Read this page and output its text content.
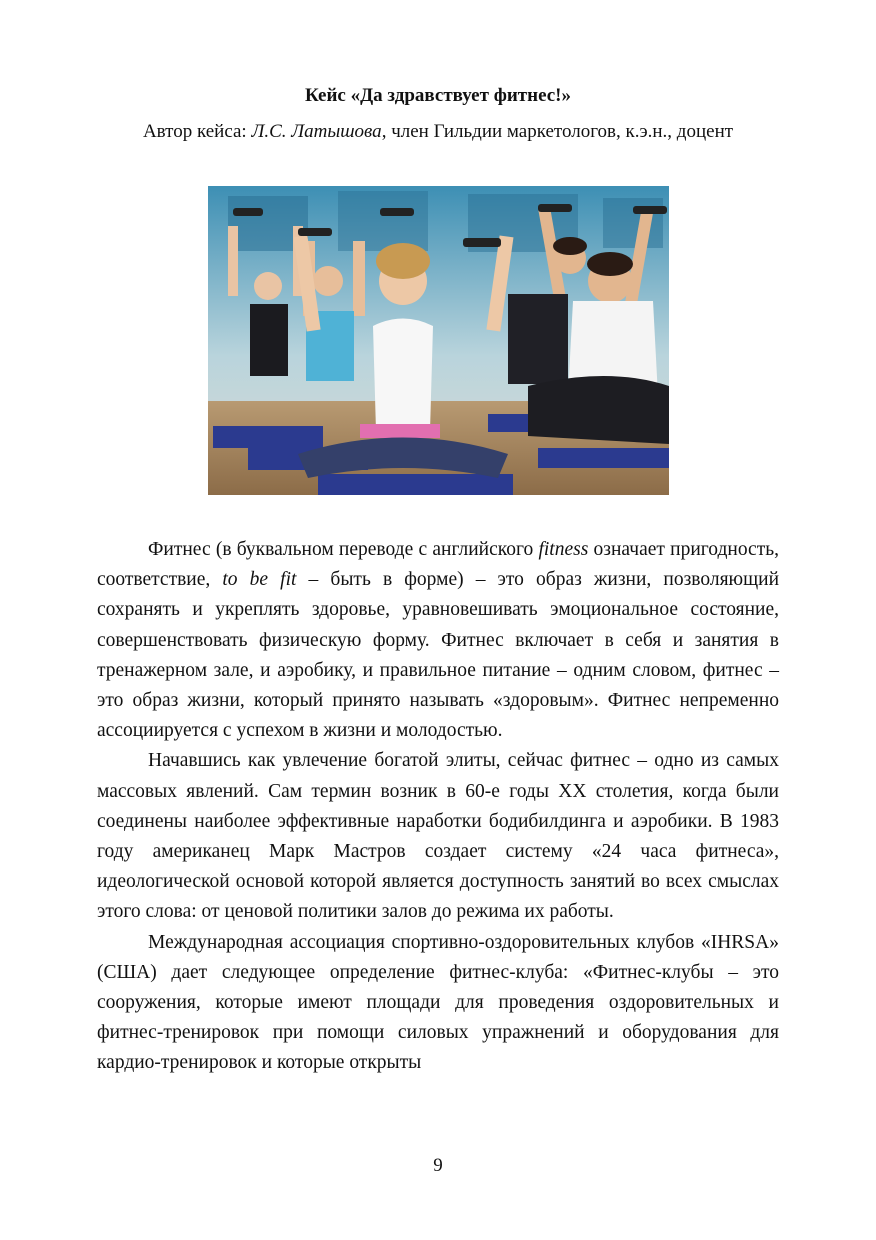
Кейс «Да здравствует фитнес!»

Автор кейса: Л.С. Латышова, член Гильдии маркетологов, к.э.н., доцент

Фитнес (в буквальном переводе с английского fitness означает пригодность, соответствие, to be fit – быть в форме) – это образ жизни, позволяющий сохранять и укреплять здоровье, уравновешивать эмоциональное состояние, совершенствовать физическую форму. Фитнес включает в себя и занятия в тренажерном зале, и аэробику, и правильное питание – одним словом, фитнес – это образ жизни, который принято называть «здоровым». Фитнес непременно ассоциируется с успехом в жизни и молодостью.

Начавшись как увлечение богатой элиты, сейчас фитнес – одно из самых массовых явлений. Сам термин возник в 60-е годы XX столетия, когда были соединены наиболее эффективные наработки бодибилдинга и аэробики. В 1983 году американец Марк Мастров создает систему «24 часа фитнеса», идеологической основой которой является доступность занятий во всех смыслах этого слова: от ценовой политики залов до режима их работы.

Международная ассоциация спортивно-оздоровительных клубов «IHRSA» (США) дает следующее определение фитнес-клуба: «Фитнес-клубы – это сооружения, которые имеют площади для проведения оздоровительных и фитнес-тренировок при помощи силовых упражнений и оборудования для кардио-тренировок и которые открыты

9
